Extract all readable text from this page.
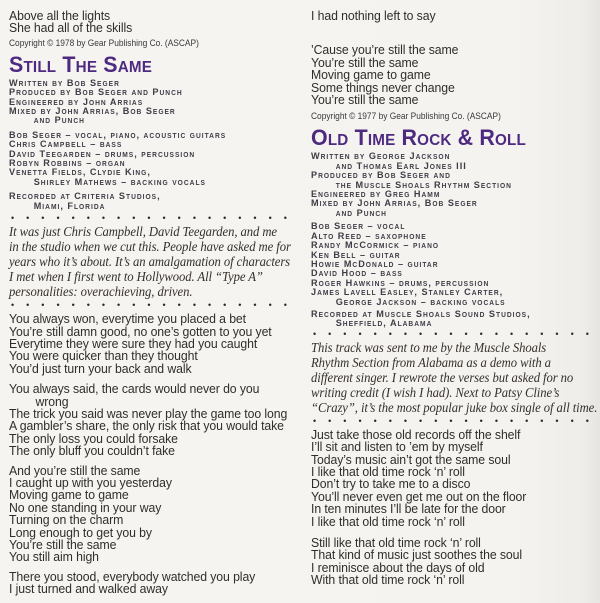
Above all the lights
She had all of the skills
Copyright © 1978 by Gear Publishing Co. (ASCAP)
Still The Same
Written by Bob Seger
Produced by Bob Seger and Punch
Engineered by John Arrias
Mixed by John Arrias, Bob Seger
and Punch
Bob Seger – vocal, piano, acoustic guitars
Chris Campbell – bass
David Teegarden – drums, percussion
Robyn Robbins – organ
Venetta Fields, Clydie King,
Shirley Mathews – backing vocals
Recorded at Criteria Studios,
Miami, Florida
• • • • • • • • • • • • • • • • • • •
It was just Chris Campbell, David Teegarden, and me
in the studio when we cut this. People have asked me for
years who it’s about. It’s an amalgamation of characters
I met when I first went to Hollywood. All “Type A”
personalities: overachieving, driven.
• • • • • • • • • • • • • • • • • • •
You always won, everytime you placed a bet
You’re still damn good, no one’s gotten to you yet
Everytime they were sure they had you caught
You were quicker than they thought
You’d just turn your back and walk
You always said, the cards would never do you
wrong
The trick you said was never play the game too long
A gambler’s share, the only risk that you would take
The only loss you could forsake
The only bluff you couldn’t fake
And you’re still the same
I caught up with you yesterday
Moving game to game
No one standing in your way
Turning on the charm
Long enough to get you by
You’re still the same
You still aim high
There you stood, everybody watched you play
I just turned and walked away
I had nothing left to say
’Cause you’re still the same
You’re still the same
Moving game to game
Some things never change
You’re still the same
Copyright © 1977 by Gear Publishing Co. (ASCAP)
Old Time Rock & Roll
Written by George Jackson
and Thomas Earl Jones III
Produced by Bob Seger and
the Muscle Shoals Rhythm Section
Engineered by Greg Hamm
Mixed by John Arrias, Bob Seger
and Punch
Bob Seger – vocal
Alto Reed – saxophone
Randy McCormick – piano
Ken Bell – guitar
Howie McDonald – guitar
David Hood – bass
Roger Hawkins – drums, percussion
James Lavell Easley, Stanley Carter,
George Jackson – backing vocals
Recorded at Muscle Shoals Sound Studios,
Sheffield, Alabama
• • • • • • • • • • • • • • • • • • •
This track was sent to me by the Muscle Shoals
Rhythm Section from Alabama as a demo with a
different singer. I rewrote the verses but asked for no
writing credit (I wish I had). Next to Patsy Cline’s
“Crazy”, it’s the most popular juke box single of all time.
• • • • • • • • • • • • • • • • • • •
Just take those old records off the shelf
I’ll sit and listen to ’em by myself
Today’s music ain’t got the same soul
I like that old time rock ‘n’ roll
Don’t try to take me to a disco
You’ll never even get me out on the floor
In ten minutes I’ll be late for the door
I like that old time rock ‘n’ roll
Still like that old time rock ‘n’ roll
That kind of music just soothes the soul
I reminisce about the days of old
With that old time rock ‘n’ roll
